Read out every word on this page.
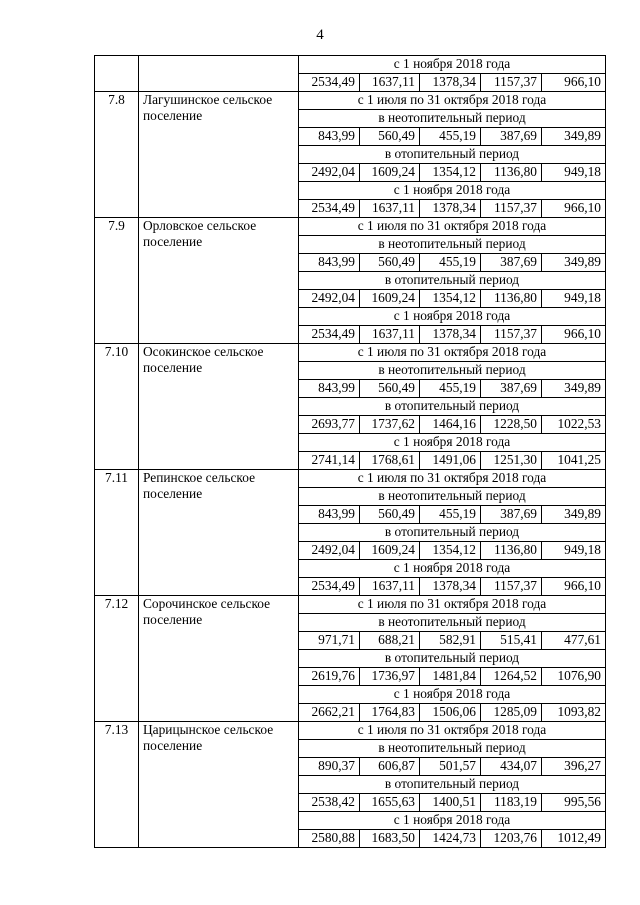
4
		с 1 ноября 2018 года				
		2534,49	1637,11	1378,34	1157,37	966,10
7.8	Лагушинское сельское поселение	с 1 июля по 31 октября 2018 года				
		в неотопительный период				
		843,99	560,49	455,19	387,69	349,89
		в отопительный период				
		2492,04	1609,24	1354,12	1136,80	949,18
		с 1 ноября 2018 года				
		2534,49	1637,11	1378,34	1157,37	966,10
7.9	Орловское сельское поселение	с 1 июля по 31 октября 2018 года				
		в неотопительный период				
		843,99	560,49	455,19	387,69	349,89
		в отопительный период				
		2492,04	1609,24	1354,12	1136,80	949,18
		с 1 ноября 2018 года				
		2534,49	1637,11	1378,34	1157,37	966,10
7.10	Осокинское сельское поселение	с 1 июля по 31 октября 2018 года				
		в неотопительный период				
		843,99	560,49	455,19	387,69	349,89
		в отопительный период				
		2693,77	1737,62	1464,16	1228,50	1022,53
		с 1 ноября 2018 года				
		2741,14	1768,61	1491,06	1251,30	1041,25
7.11	Репинское сельское поселение	с 1 июля по 31 октября 2018 года				
		в неотопительный период				
		843,99	560,49	455,19	387,69	349,89
		в отопительный период				
		2492,04	1609,24	1354,12	1136,80	949,18
		с 1 ноября 2018 года				
		2534,49	1637,11	1378,34	1157,37	966,10
7.12	Сорочинское сельское поселение	с 1 июля по 31 октября 2018 года				
		в неотопительный период				
		971,71	688,21	582,91	515,41	477,61
		в отопительный период				
		2619,76	1736,97	1481,84	1264,52	1076,90
		с 1 ноября 2018 года				
		2662,21	1764,83	1506,06	1285,09	1093,82
7.13	Царицынское сельское поселение	с 1 июля по 31 октября 2018 года				
		в неотопительный период				
		890,37	606,87	501,57	434,07	396,27
		в отопительный период				
		2538,42	1655,63	1400,51	1183,19	995,56
		с 1 ноября 2018 года				
		2580,88	1683,50	1424,73	1203,76	1012,49
